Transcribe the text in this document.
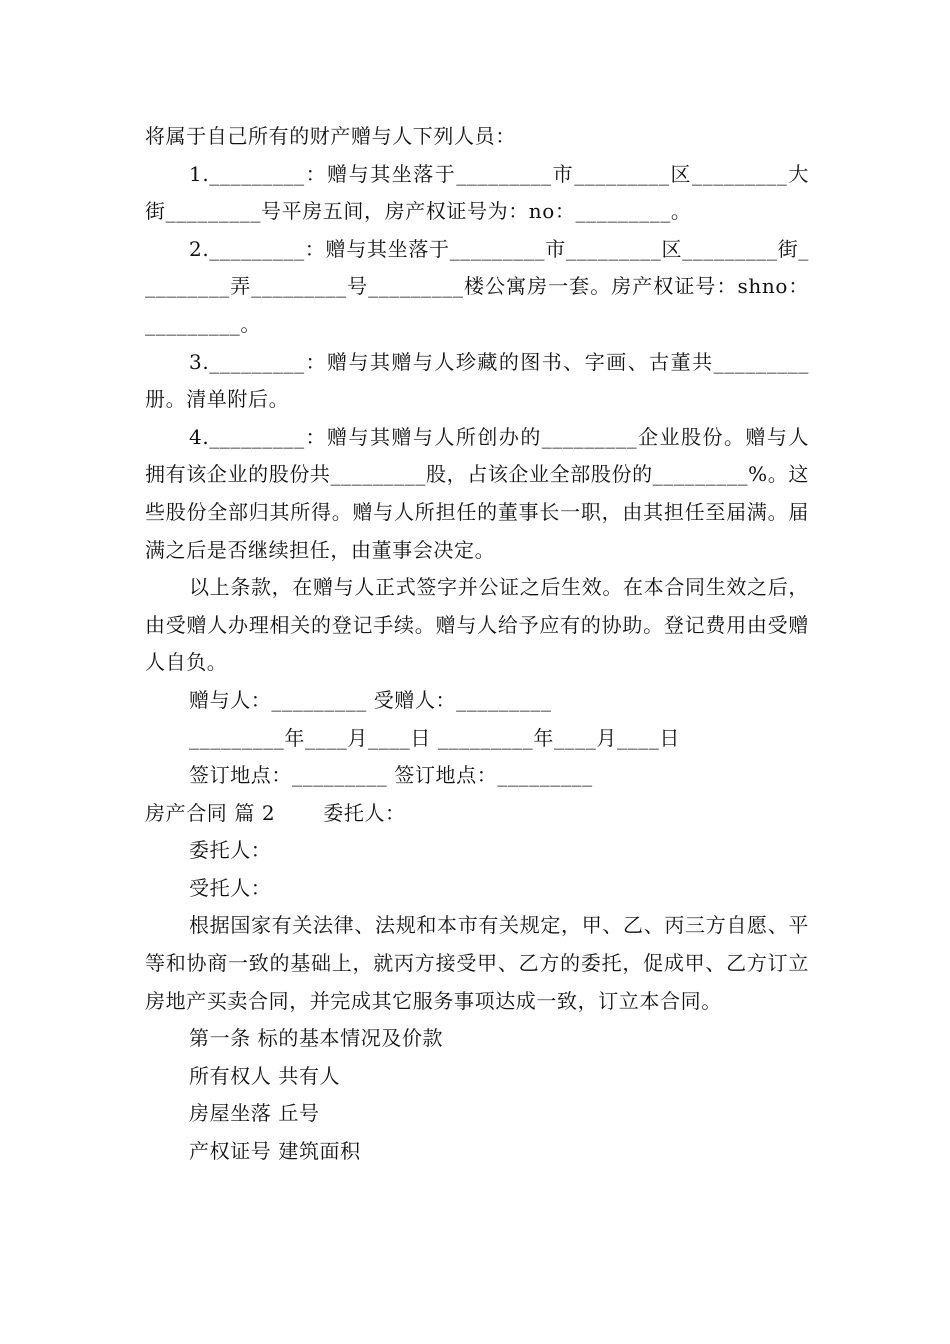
将属于自己所有的财产赠与人下列人员：

1._________：赠与其坐落于_________市_________区_________大街_________号平房五间，房产权证号为：no：_________。

2._________：赠与其坐落于_________市_________区_________街_________弄_________号_________楼公寓房一套。房产权证号：shno：_________。

3._________：赠与其赠与人珍藏的图书、字画、古董共_________册。清单附后。

4._________：赠与其赠与人所创办的_________企业股份。赠与人拥有该企业的股份共_________股，占该企业全部股份的_________%。这些股份全部归其所得。赠与人所担任的董事长一职，由其担任至届满。届满之后是否继续担任，由董事会决定。

以上条款，在赠与人正式签字并公证之后生效。在本合同生效之后，由受赠人办理相关的登记手续。赠与人给予应有的协助。登记费用由受赠人自负。

赠与人：_________ 受赠人：_________

_________年____月____日 _________年____月____日

签订地点：_________ 签订地点：_________

房产合同 篇 2 委托人：

委托人：

受托人：

根据国家有关法律、法规和本市有关规定，甲、乙、丙三方自愿、平等和协商一致的基础上，就丙方接受甲、乙方的委托，促成甲、乙方订立房地产买卖合同，并完成其它服务事项达成一致，订立本合同。

第一条 标的基本情况及价款

所有权人 共有人

房屋坐落 丘号

产权证号 建筑面积
